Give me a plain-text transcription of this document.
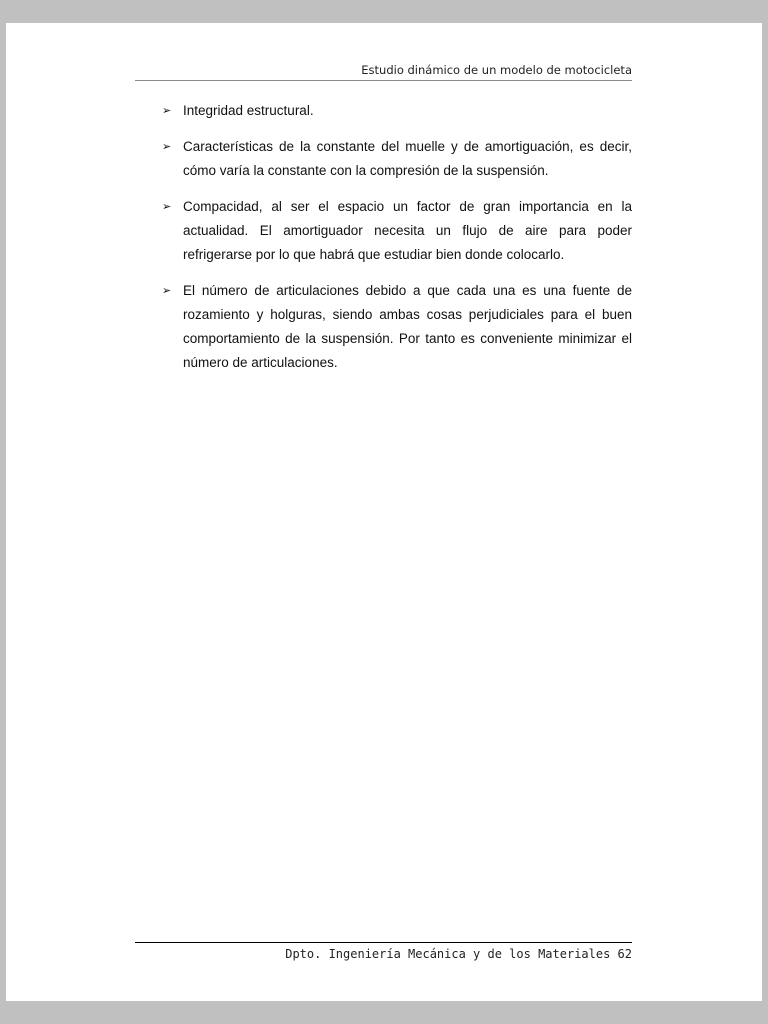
Estudio dinámico de un modelo de motocicleta
➢ Integridad estructural.
➢ Características de la constante del muelle y de amortiguación, es decir, cómo varía la constante con la compresión de la suspensión.
➢ Compacidad, al ser el espacio un factor de gran importancia en la actualidad. El amortiguador necesita un flujo de aire para poder refrigerarse por lo que habrá que estudiar bien donde colocarlo.
➢ El número de articulaciones debido a que cada una es una fuente de rozamiento y holguras, siendo ambas cosas perjudiciales para el buen comportamiento de la suspensión. Por tanto es conveniente minimizar el número de articulaciones.
Dpto. Ingeniería Mecánica y de los Materiales 62
